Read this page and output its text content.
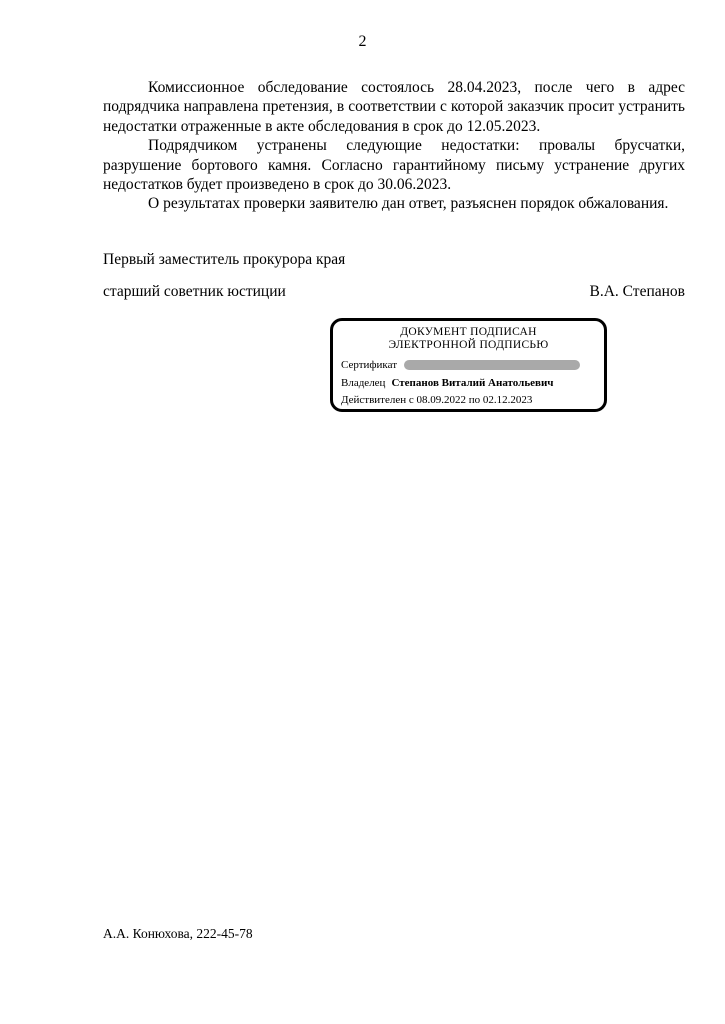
2

Комиссионное обследование состоялось 28.04.2023, после чего в адрес подрядчика направлена претензия, в соответствии с которой заказчик просит устранить недостатки отраженные в акте обследования в срок до 12.05.2023.

Подрядчиком устранены следующие недостатки: провалы брусчатки, разрушение бортового камня. Согласно гарантийному письму устранение других недостатков будет произведено в срок до 30.06.2023.

О результатах проверки заявителю дан ответ, разъяснен порядок обжалования.

Первый заместитель прокурора края
старший советник юстиции	В.А. Степанов
ДОКУМЕНТ ПОДПИСАН
ЭЛЕКТРОННОЙ ПОДПИСЬЮ
Сертификат
Владелец Степанов Виталий Анатольевич
Действителен с 08.09.2022 по 02.12.2023
А.А. Конюхова, 222-45-78
